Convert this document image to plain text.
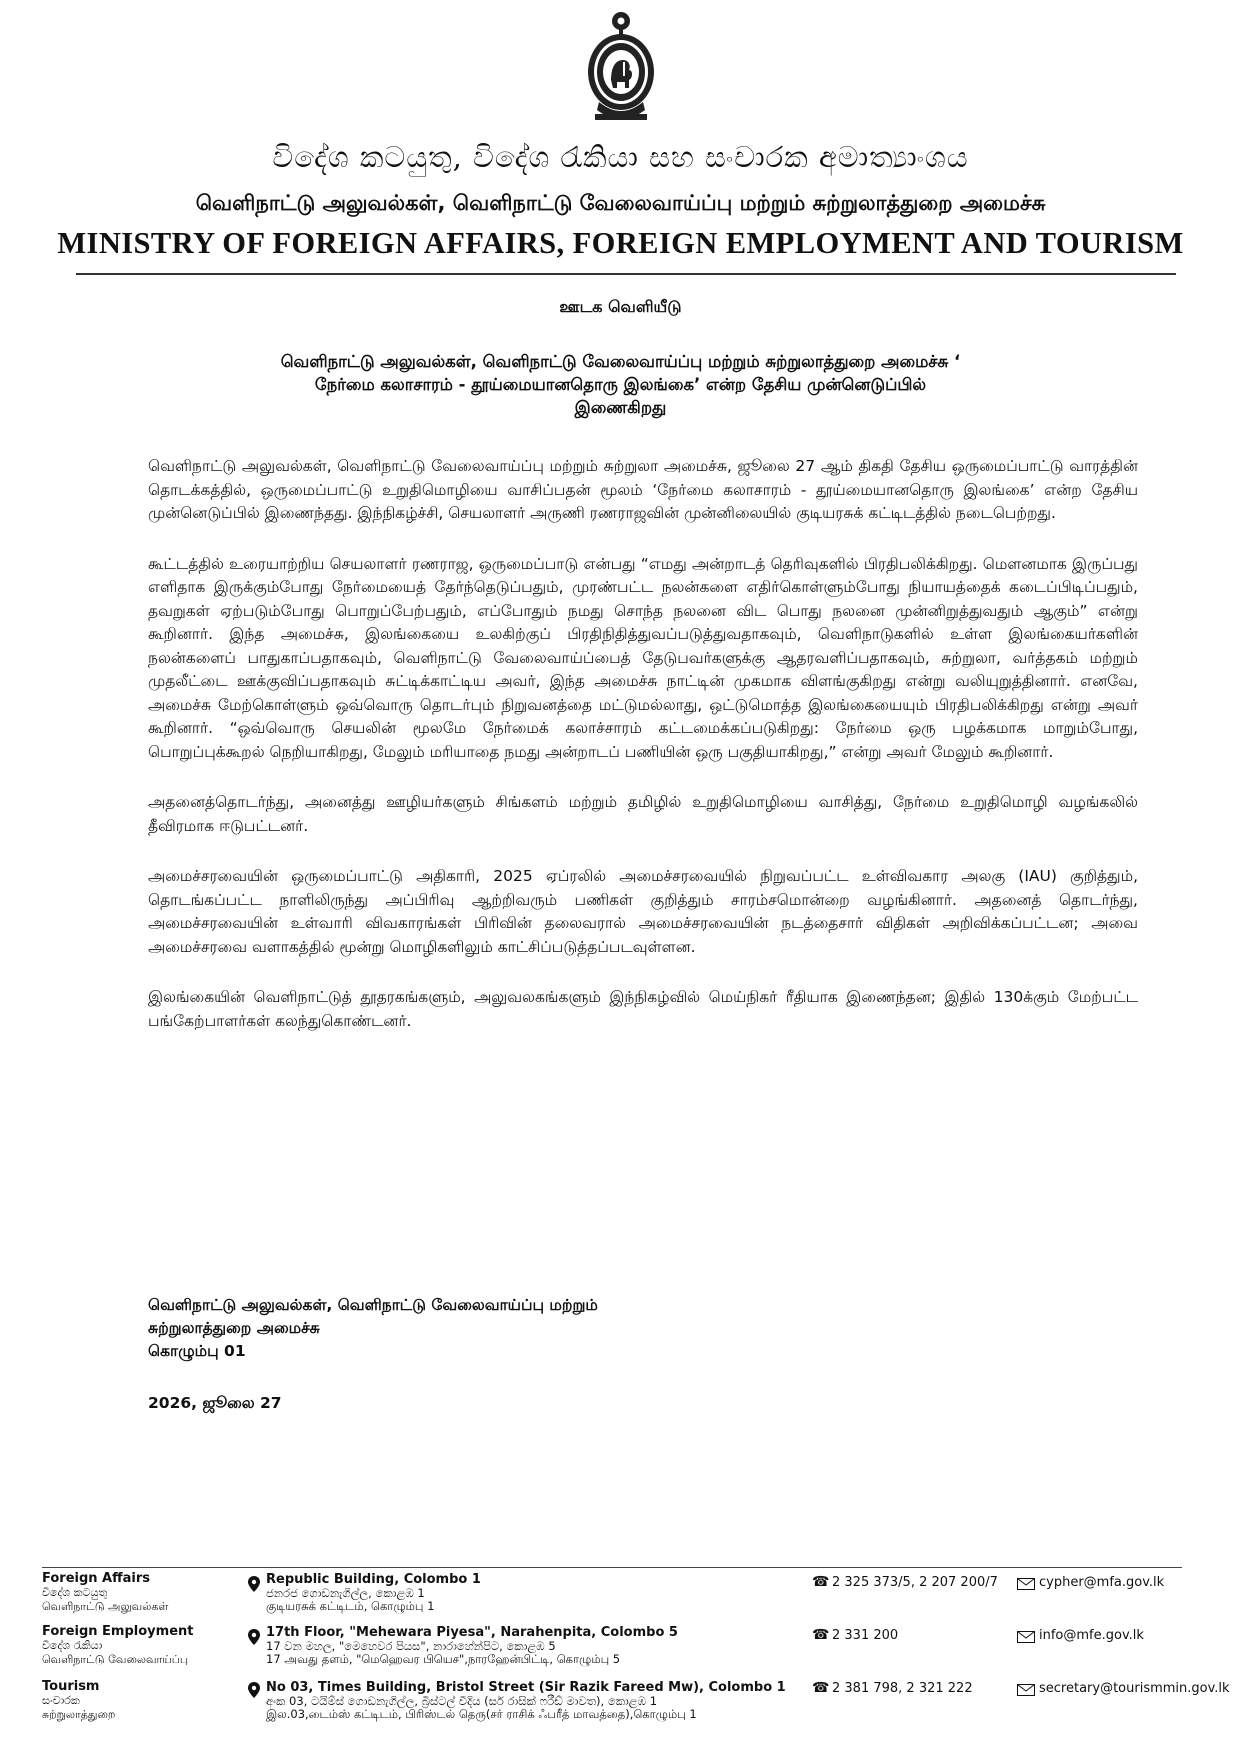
විදේශ කටයුතු, විදේශ රැකියා සහ සංචාරක අමාත්‍යාංශය
வெளிநாட்டு அலுவல்கள், வெளிநாட்டு வேலைவாய்ப்பு மற்றும் சுற்றுலாத்துறை அமைச்சு
MINISTRY OF FOREIGN AFFAIRS, FOREIGN EMPLOYMENT AND TOURISM
ஊடக வெளியீடு
வெளிநாட்டு அலுவல்கள், வெளிநாட்டு வேலைவாய்ப்பு மற்றும் சுற்றுலாத்துறை அமைச்சு ‘
நேர்மை கலாசாரம் - தூய்மையானதொரு இலங்கை’ என்ற தேசிய முன்னெடுப்பில்
இணைகிறது

வெளிநாட்டு அலுவல்கள், வெளிநாட்டு வேலைவாய்ப்பு மற்றும் சுற்றுலா அமைச்சு, ஜூலை 27 ஆம் திகதி தேசிய ஒருமைப்பாட்டு வாரத்தின் தொடக்கத்தில், ஒருமைப்பாட்டு உறுதிமொழியை வாசிப்பதன் மூலம் ‘நேர்மை கலாசாரம் - தூய்மையானதொரு இலங்கை’ என்ற தேசிய முன்னெடுப்பில் இணைந்தது. இந்நிகழ்ச்சி, செயலாளர் அருணி ரணராஜவின் முன்னிலையில் குடியரசுக் கட்டிடத்தில் நடைபெற்றது.

கூட்டத்தில் உரையாற்றிய செயலாளர் ரணராஜ, ஒருமைப்பாடு என்பது “எமது அன்றாடத் தெரிவுகளில் பிரதிபலிக்கிறது. மௌனமாக இருப்பது எளிதாக இருக்கும்போது நேர்மையைத் தேர்ந்தெடுப்பதும், முரண்பட்ட நலன்களை எதிர்கொள்ளும்போது நியாயத்தைக் கடைப்பிடிப்பதும், தவறுகள் ஏற்படும்போது பொறுப்பேற்பதும், எப்போதும் நமது சொந்த நலனை விட பொது நலனை முன்னிறுத்துவதும் ஆகும்” என்று கூறினார். இந்த அமைச்சு, இலங்கையை உலகிற்குப் பிரதிநிதித்துவப்படுத்துவதாகவும், வெளிநாடுகளில் உள்ள இலங்கையர்களின் நலன்களைப் பாதுகாப்பதாகவும், வெளிநாட்டு வேலைவாய்ப்பைத் தேடுபவர்களுக்கு ஆதரவளிப்பதாகவும், சுற்றுலா, வர்த்தகம் மற்றும் முதலீட்டை ஊக்குவிப்பதாகவும் சுட்டிக்காட்டிய அவர், இந்த அமைச்சு நாட்டின் முகமாக விளங்குகிறது என்று வலியுறுத்தினார். எனவே, அமைச்சு மேற்கொள்ளும் ஒவ்வொரு தொடர்பும் நிறுவனத்தை மட்டுமல்லாது, ஒட்டுமொத்த இலங்கையையும் பிரதிபலிக்கிறது என்று அவர் கூறினார். “ஒவ்வொரு செயலின் மூலமே நேர்மைக் கலாச்சாரம் கட்டமைக்கப்படுகிறது: நேர்மை ஒரு பழக்கமாக மாறும்போது, பொறுப்புக்கூறல் நெறியாகிறது, மேலும் மரியாதை நமது அன்றாடப் பணியின் ஒரு பகுதியாகிறது,” என்று அவர் மேலும் கூறினார்.

அதனைத்தொடர்ந்து, அனைத்து ஊழியர்களும் சிங்களம் மற்றும் தமிழில் உறுதிமொழியை வாசித்து, நேர்மை உறுதிமொழி வழங்கலில் தீவிரமாக ஈடுபட்டனர்.

அமைச்சரவையின் ஒருமைப்பாட்டு அதிகாரி, 2025 ஏப்ரலில் அமைச்சரவையில் நிறுவப்பட்ட உள்விவகார அலகு (IAU) குறித்தும், தொடங்கப்பட்ட நாளிலிருந்து அப்பிரிவு ஆற்றிவரும் பணிகள் குறித்தும் சாரம்சமொன்றை வழங்கினார். அதனைத் தொடர்ந்து, அமைச்சரவையின் உள்வாரி விவகாரங்கள் பிரிவின் தலைவரால் அமைச்சரவையின் நடத்தைசார் விதிகள் அறிவிக்கப்பட்டன; அவை அமைச்சரவை வளாகத்தில் மூன்று மொழிகளிலும் காட்சிப்படுத்தப்படவுள்ளன.

இலங்கையின் வெளிநாட்டுத் தூதரகங்களும், அலுவலகங்களும் இந்நிகழ்வில் மெய்நிகர் ரீதியாக இணைந்தன; இதில் 130க்கும் மேற்பட்ட பங்கேற்பாளர்கள் கலந்துகொண்டனர்.

வெளிநாட்டு அலுவல்கள், வெளிநாட்டு வேலைவாய்ப்பு மற்றும்
சுற்றுலாத்துறை அமைச்சு
கொழும்பு 01
2026, ஜூலை 27
Foreign Affairs
විදේශ කටයුතු
வெளிநாட்டு அலுவல்கள்
Republic Building, Colombo 1
ජනරජ ගොඩනැගිල්ල, කොළඹ 1
குடியரசுக் கட்டிடம், கொழும்பு 1
☎ 2 325 373/5, 2 207 200/7	cypher@mfa.gov.lk
Foreign Employment
විදේශ රැකියා
வெளிநாட்டு வேலைவாய்ப்பு
17th Floor, "Mehewara Piyesa", Narahenpita, Colombo 5
17 වන මහල, "මෙහෙවර පියස", නාරාහේන්පිට, කොළඹ 5
17 அவது தளம், "மெஹெவர பியெச",நாரஹேன்பிட்டி, கொழும்பு 5
☎ 2 331 200	info@mfe.gov.lk
Tourism
සංචාරක
சுற்றுலாத்துறை
No 03, Times Building, Bristol Street (Sir Razik Fareed Mw), Colombo 1
අංක 03, ටයිම්ස් ගොඩනැගිල්ල, බ්‍රිස්ටල් වීදිය (සර් රාසික් ෆරීඩ් මාවත), කොළඹ 1
இல.03,டைம்ஸ் கட்டிடம், பிரிஸ்டல் தெரு(சர் ராசிக் ஃபரீத் மாவத்தை),கொழும்பு 1
☎ 2 381 798, 2 321 222	secretary@tourismmin.gov.lk
